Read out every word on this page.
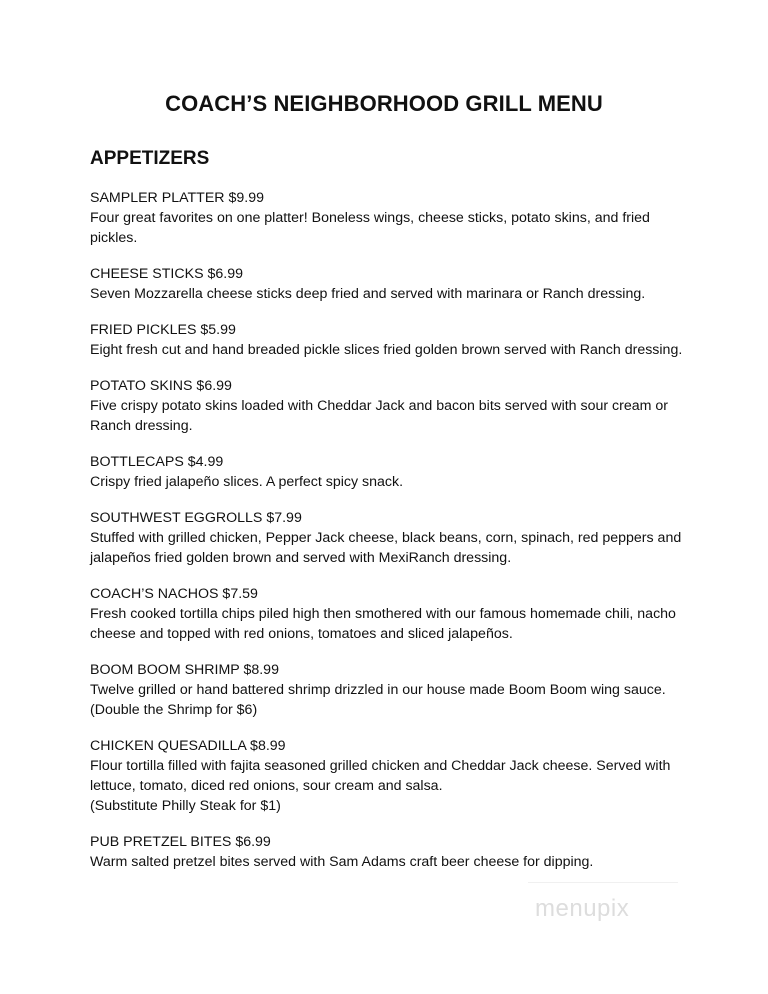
COACH’S NEIGHBORHOOD GRILL MENU
APPETIZERS
SAMPLER PLATTER $9.99
Four great favorites on one platter! Boneless wings, cheese sticks, potato skins, and fried pickles.
CHEESE STICKS $6.99
Seven Mozzarella cheese sticks deep fried and served with marinara or Ranch dressing.
FRIED PICKLES $5.99
Eight fresh cut and hand breaded pickle slices fried golden brown served with Ranch dressing.
POTATO SKINS $6.99
Five crispy potato skins loaded with Cheddar Jack and bacon bits served with sour cream or Ranch dressing.
BOTTLECAPS $4.99
Crispy fried jalapeño slices. A perfect spicy snack.
SOUTHWEST EGGROLLS $7.99
Stuffed with grilled chicken, Pepper Jack cheese, black beans, corn, spinach, red peppers and jalapeños fried golden brown and served with MexiRanch dressing.
COACH’S NACHOS $7.59
Fresh cooked tortilla chips piled high then smothered with our famous homemade chili, nacho cheese and topped with red onions, tomatoes and sliced jalapeños.
BOOM BOOM SHRIMP $8.99
Twelve grilled or hand battered shrimp drizzled in our house made Boom Boom wing sauce.
(Double the Shrimp for $6)
CHICKEN QUESADILLA $8.99
Flour tortilla filled with fajita seasoned grilled chicken and Cheddar Jack cheese. Served with lettuce, tomato, diced red onions, sour cream and salsa.
(Substitute Philly Steak for $1)
PUB PRETZEL BITES $6.99
Warm salted pretzel bites served with Sam Adams craft beer cheese for dipping.
menupix
